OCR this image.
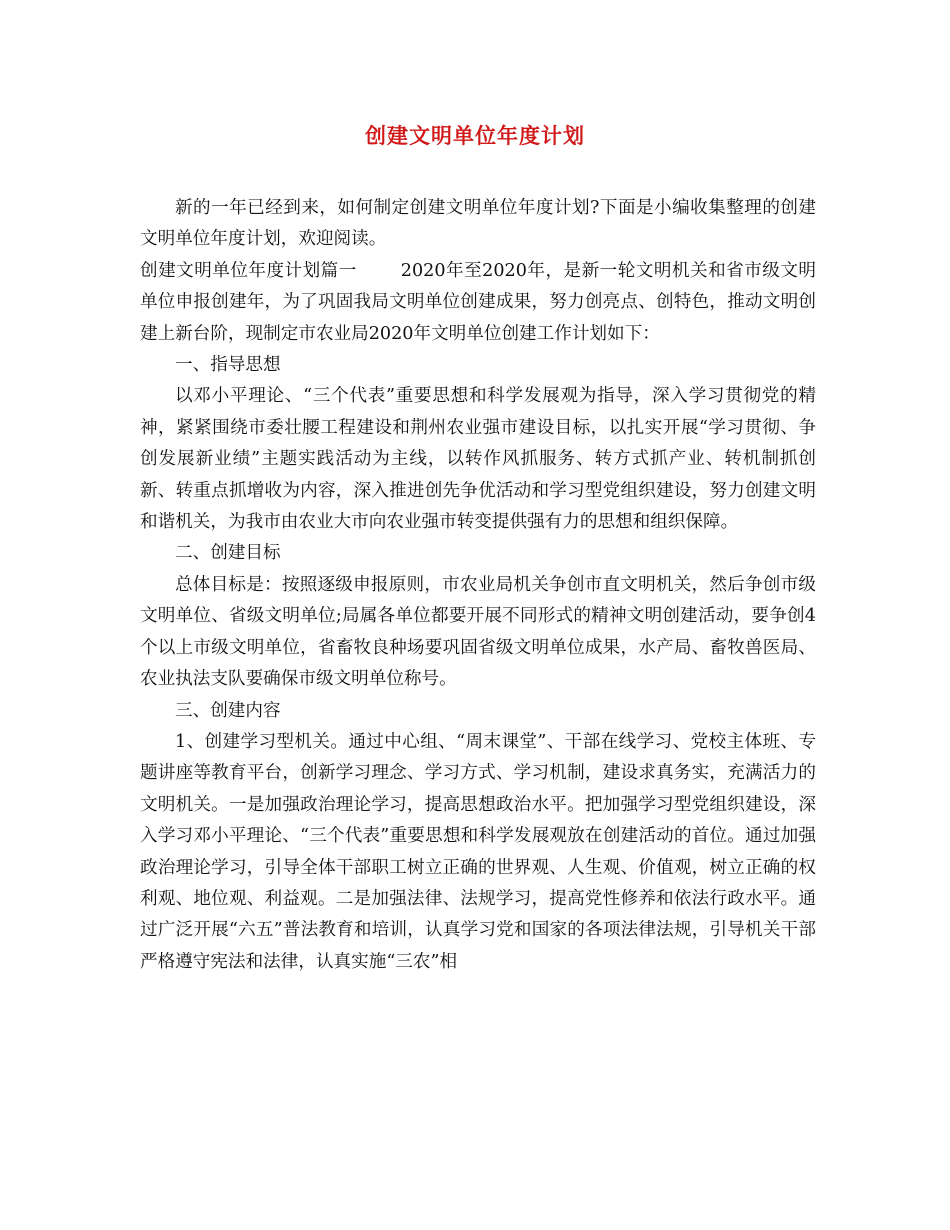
创建文明单位年度计划

新的一年已经到来，如何制定创建文明单位年度计划?下面是小编收集整理的创建文明单位年度计划，欢迎阅读。

创建文明单位年度计划篇一	2020年至2020年，是新一轮文明机关和省市级文明单位申报创建年，为了巩固我局文明单位创建成果，努力创亮点、创特色，推动文明创建上新台阶，现制定市农业局2020年文明单位创建工作计划如下：

一、指导思想

以邓小平理论、“三个代表”重要思想和科学发展观为指导，深入学习贯彻党的精神，紧紧围绕市委壮腰工程建设和荆州农业强市建设目标，以扎实开展“学习贯彻、争创发展新业绩”主题实践活动为主线，以转作风抓服务、转方式抓产业、转机制抓创新、转重点抓增收为内容，深入推进创先争优活动和学习型党组织建设，努力创建文明和谐机关，为我市由农业大市向农业强市转变提供强有力的思想和组织保障。

二、创建目标

总体目标是：按照逐级申报原则，市农业局机关争创市直文明机关，然后争创市级文明单位、省级文明单位;局属各单位都要开展不同形式的精神文明创建活动，要争创4个以上市级文明单位，省畜牧良种场要巩固省级文明单位成果，水产局、畜牧兽医局、农业执法支队要确保市级文明单位称号。

三、创建内容

1、创建学习型机关。通过中心组、“周末课堂”、干部在线学习、党校主体班、专题讲座等教育平台，创新学习理念、学习方式、学习机制，建设求真务实，充满活力的文明机关。一是加强政治理论学习，提高思想政治水平。把加强学习型党组织建设，深入学习邓小平理论、“三个代表”重要思想和科学发展观放在创建活动的首位。通过加强政治理论学习，引导全体干部职工树立正确的世界观、人生观、价值观，树立正确的权利观、地位观、利益观。二是加强法律、法规学习，提高党性修养和依法行政水平。通过广泛开展“六五”普法教育和培训，认真学习党和国家的各项法律法规，引导机关干部严格遵守宪法和法律，认真实施“三农”相
